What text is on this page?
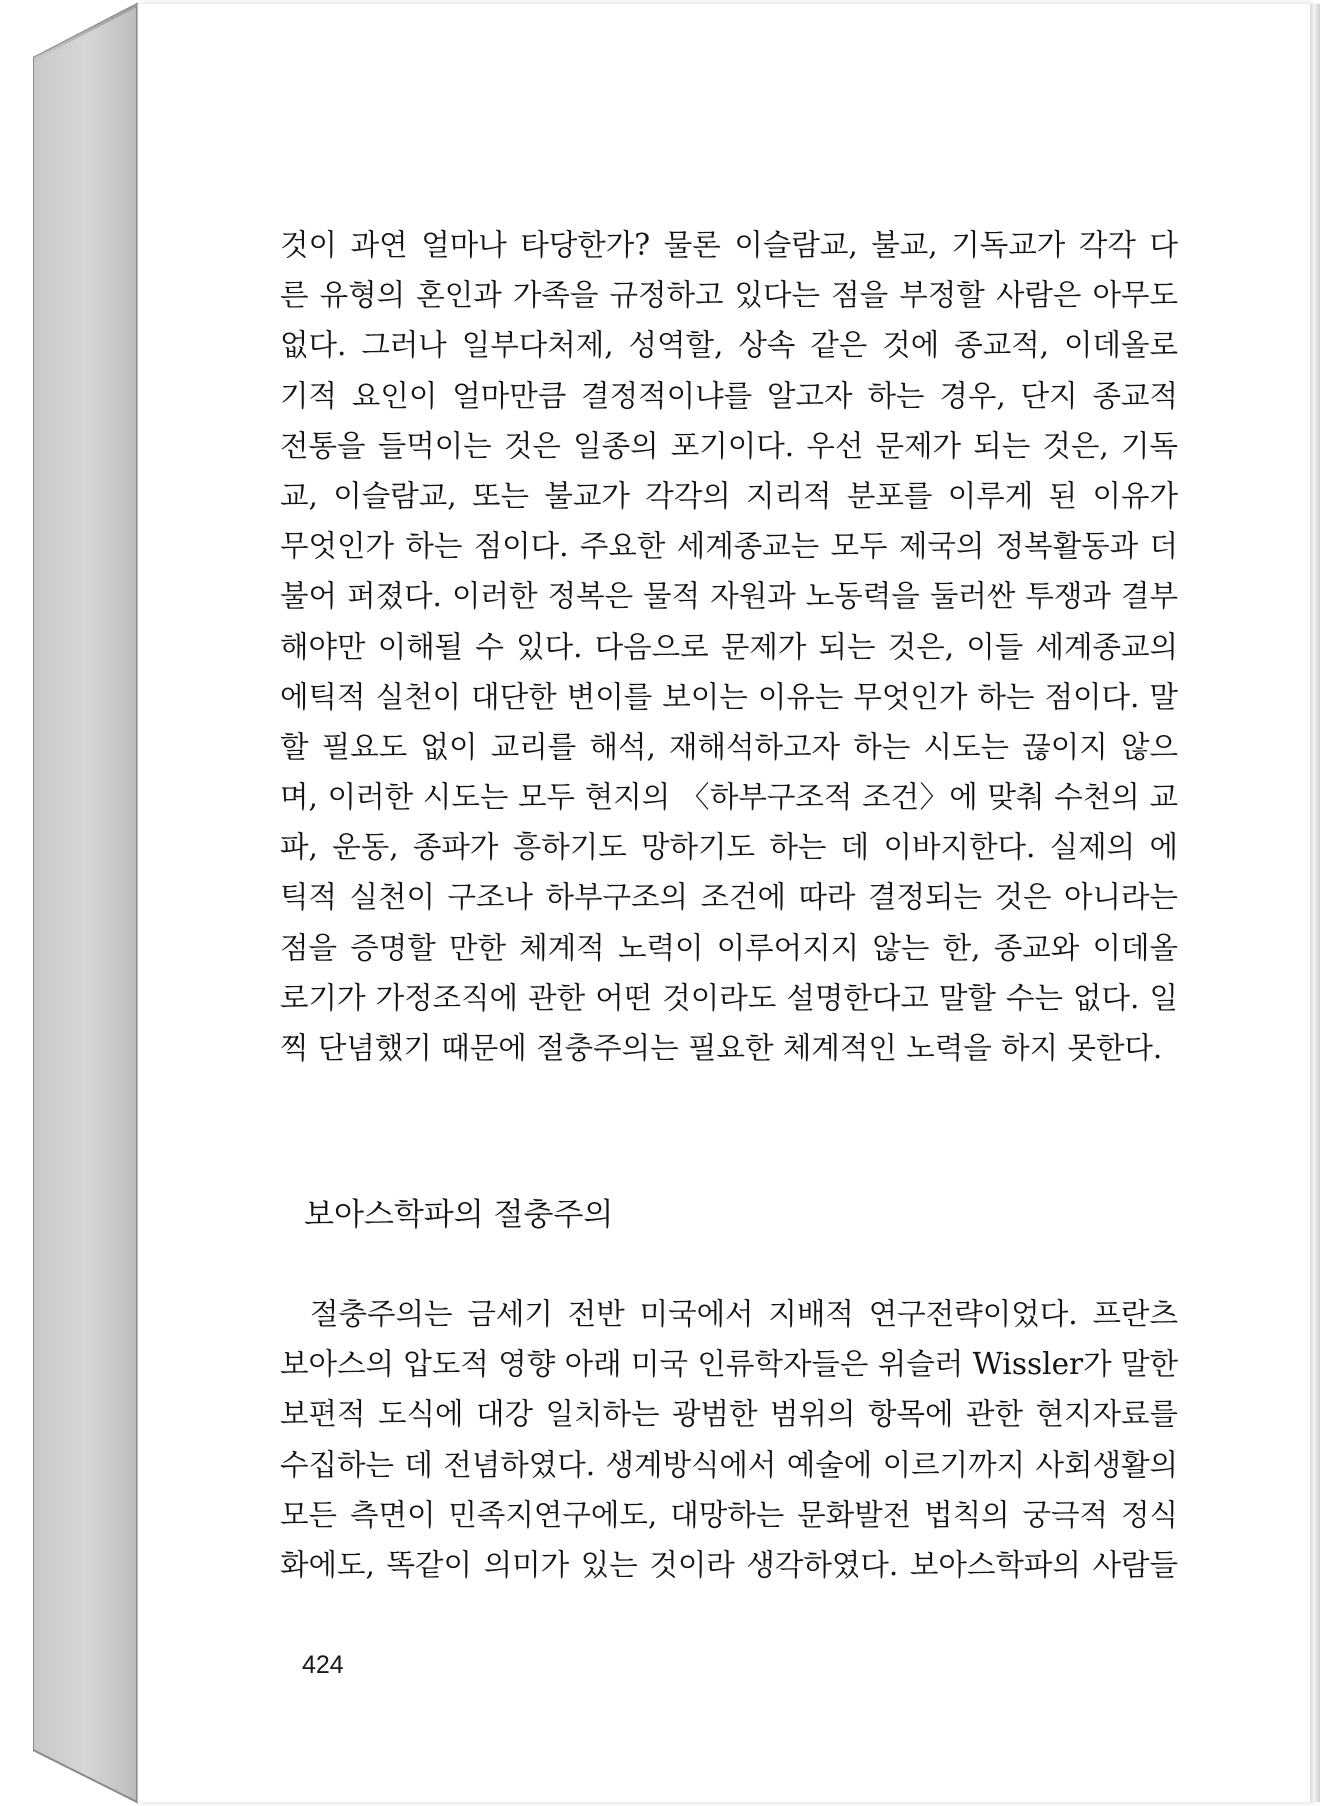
것이 과연 얼마나 타당한가? 물론 이슬람교, 불교, 기독교가 각각 다
른 유형의 혼인과 가족을 규정하고 있다는 점을 부정할 사람은 아무도
없다. 그러나 일부다처제, 성역할, 상속 같은 것에 종교적, 이데올로
기적 요인이 얼마만큼 결정적이냐를 알고자 하는 경우, 단지 종교적
전통을 들먹이는 것은 일종의 포기이다. 우선 문제가 되는 것은, 기독
교, 이슬람교, 또는 불교가 각각의 지리적 분포를 이루게 된 이유가
무엇인가 하는 점이다. 주요한 세계종교는 모두 제국의 정복활동과 더
불어 퍼졌다. 이러한 정복은 물적 자원과 노동력을 둘러싼 투쟁과 결부
해야만 이해될 수 있다. 다음으로 문제가 되는 것은, 이들 세계종교의
에틱적 실천이 대단한 변이를 보이는 이유는 무엇인가 하는 점이다. 말
할 필요도 없이 교리를 해석, 재해석하고자 하는 시도는 끊이지 않으
며, 이러한 시도는 모두 현지의 〈하부구조적 조건〉에 맞춰 수천의 교
파, 운동, 종파가 흥하기도 망하기도 하는 데 이바지한다. 실제의 에
틱적 실천이 구조나 하부구조의 조건에 따라 결정되는 것은 아니라는
점을 증명할 만한 체계적 노력이 이루어지지 않는 한, 종교와 이데올
로기가 가정조직에 관한 어떤 것이라도 설명한다고 말할 수는 없다. 일
찍 단념했기 때문에 절충주의는 필요한 체계적인 노력을 하지 못한다.
보아스학파의 절충주의
절충주의는 금세기 전반 미국에서 지배적 연구전략이었다. 프란츠
보아스의 압도적 영향 아래 미국 인류학자들은 위슬러 Wissler가 말한
보편적 도식에 대강 일치하는 광범한 범위의 항목에 관한 현지자료를
수집하는 데 전념하였다. 생계방식에서 예술에 이르기까지 사회생활의
모든 측면이 민족지연구에도, 대망하는 문화발전 법칙의 궁극적 정식
화에도, 똑같이 의미가 있는 것이라 생각하였다. 보아스학파의 사람들
424
